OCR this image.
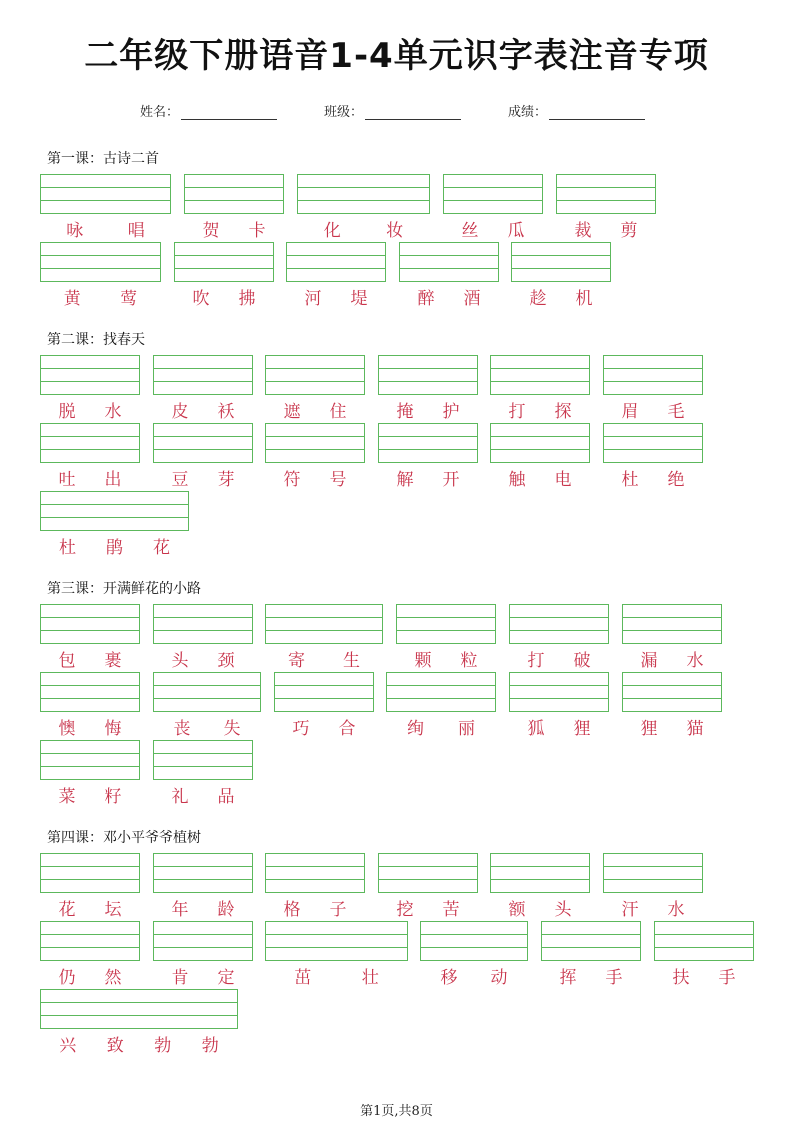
二年级下册语音1-4单元识字表注音专项
姓名：	班级：	成绩：
第一课：古诗二首
咏	唱	贺 卡	化	妆	丝 瓜	裁 剪
黄 莺	吹 拂	河 堤	醉 酒	趁 机
第二课：找春天
脱 水	皮 袄	遮 住	掩 护	打 探	眉 毛
吐 出	豆 芽	符 号	解 开	触 电	杜 绝
杜 鹃 花
第三课：开满鲜花的小路
包 裹	头 颈	寄 生	颗 粒	打 破	漏 水
懊 悔	丧 失	巧 合	绚 丽	狐 狸	狸 猫
菜 籽	礼 品
第四课：邓小平爷爷植树
花 坛	年 龄	格 子	挖 苦	额 头	汗 水
仍 然	肯 定	茁	壮	移 动	挥 手	扶 手
兴 致 勃 勃
第1页,共8页
